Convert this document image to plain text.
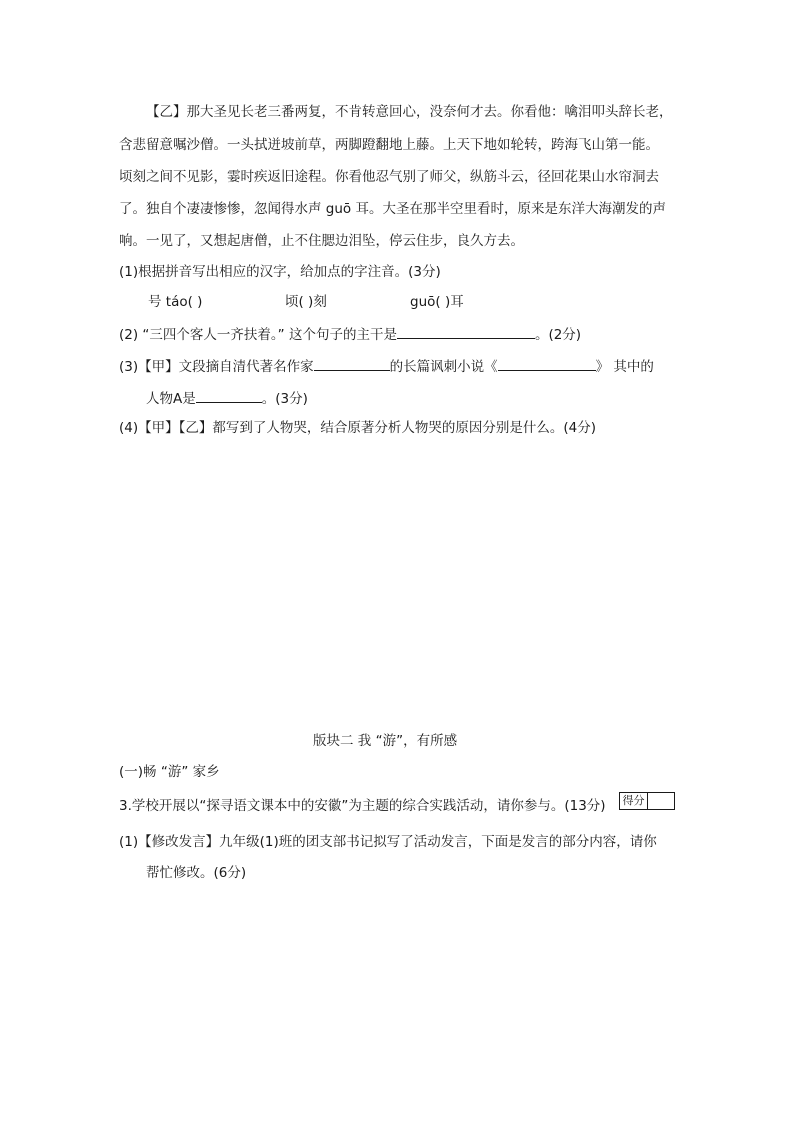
【乙】那大圣见长老三番两复，不肯转意回心，没奈何才去。你看他：噙泪叩头辞长老，
含悲留意嘱沙僧。一头拭迸坡前草，两脚蹬翻地上藤。上天下地如轮转，跨海飞山第一能。
顷刻之间不见影，霎时疾返旧途程。你看他忍气别了师父，纵筋斗云，径回花果山水帘洞去
了。独自个凄凄惨惨，忽闻得水声 guō 耳。大圣在那半空里看时，原来是东洋大海潮发的声
响。一见了，又想起唐僧，止不住腮边泪坠，停云住步，良久方去。
(1)根据拼音写出相应的汉字，给加点的字注音。(3分)
号 táo( )	顷( )刻	guō( )耳
(2) “三四个客人一齐扶着。” 这个句子的主干是	。(2分)
(3)【甲】文段摘自清代著名作家	的长篇讽刺小说《	》 其中的
人物A是	。(3分)
(4)【甲】【乙】都写到了人物哭，结合原著分析人物哭的原因分别是什么。(4分)
版块二 我 “游”，有所感
(一)畅 “游” 家乡
3.学校开展以“探寻语文课本中的安徽”为主题的综合实践活动，请你参与。(13分) 得分
(1)【修改发言】九年级(1)班的团支部书记拟写了活动发言，下面是发言的部分内容，请你
帮忙修改。(6分)
